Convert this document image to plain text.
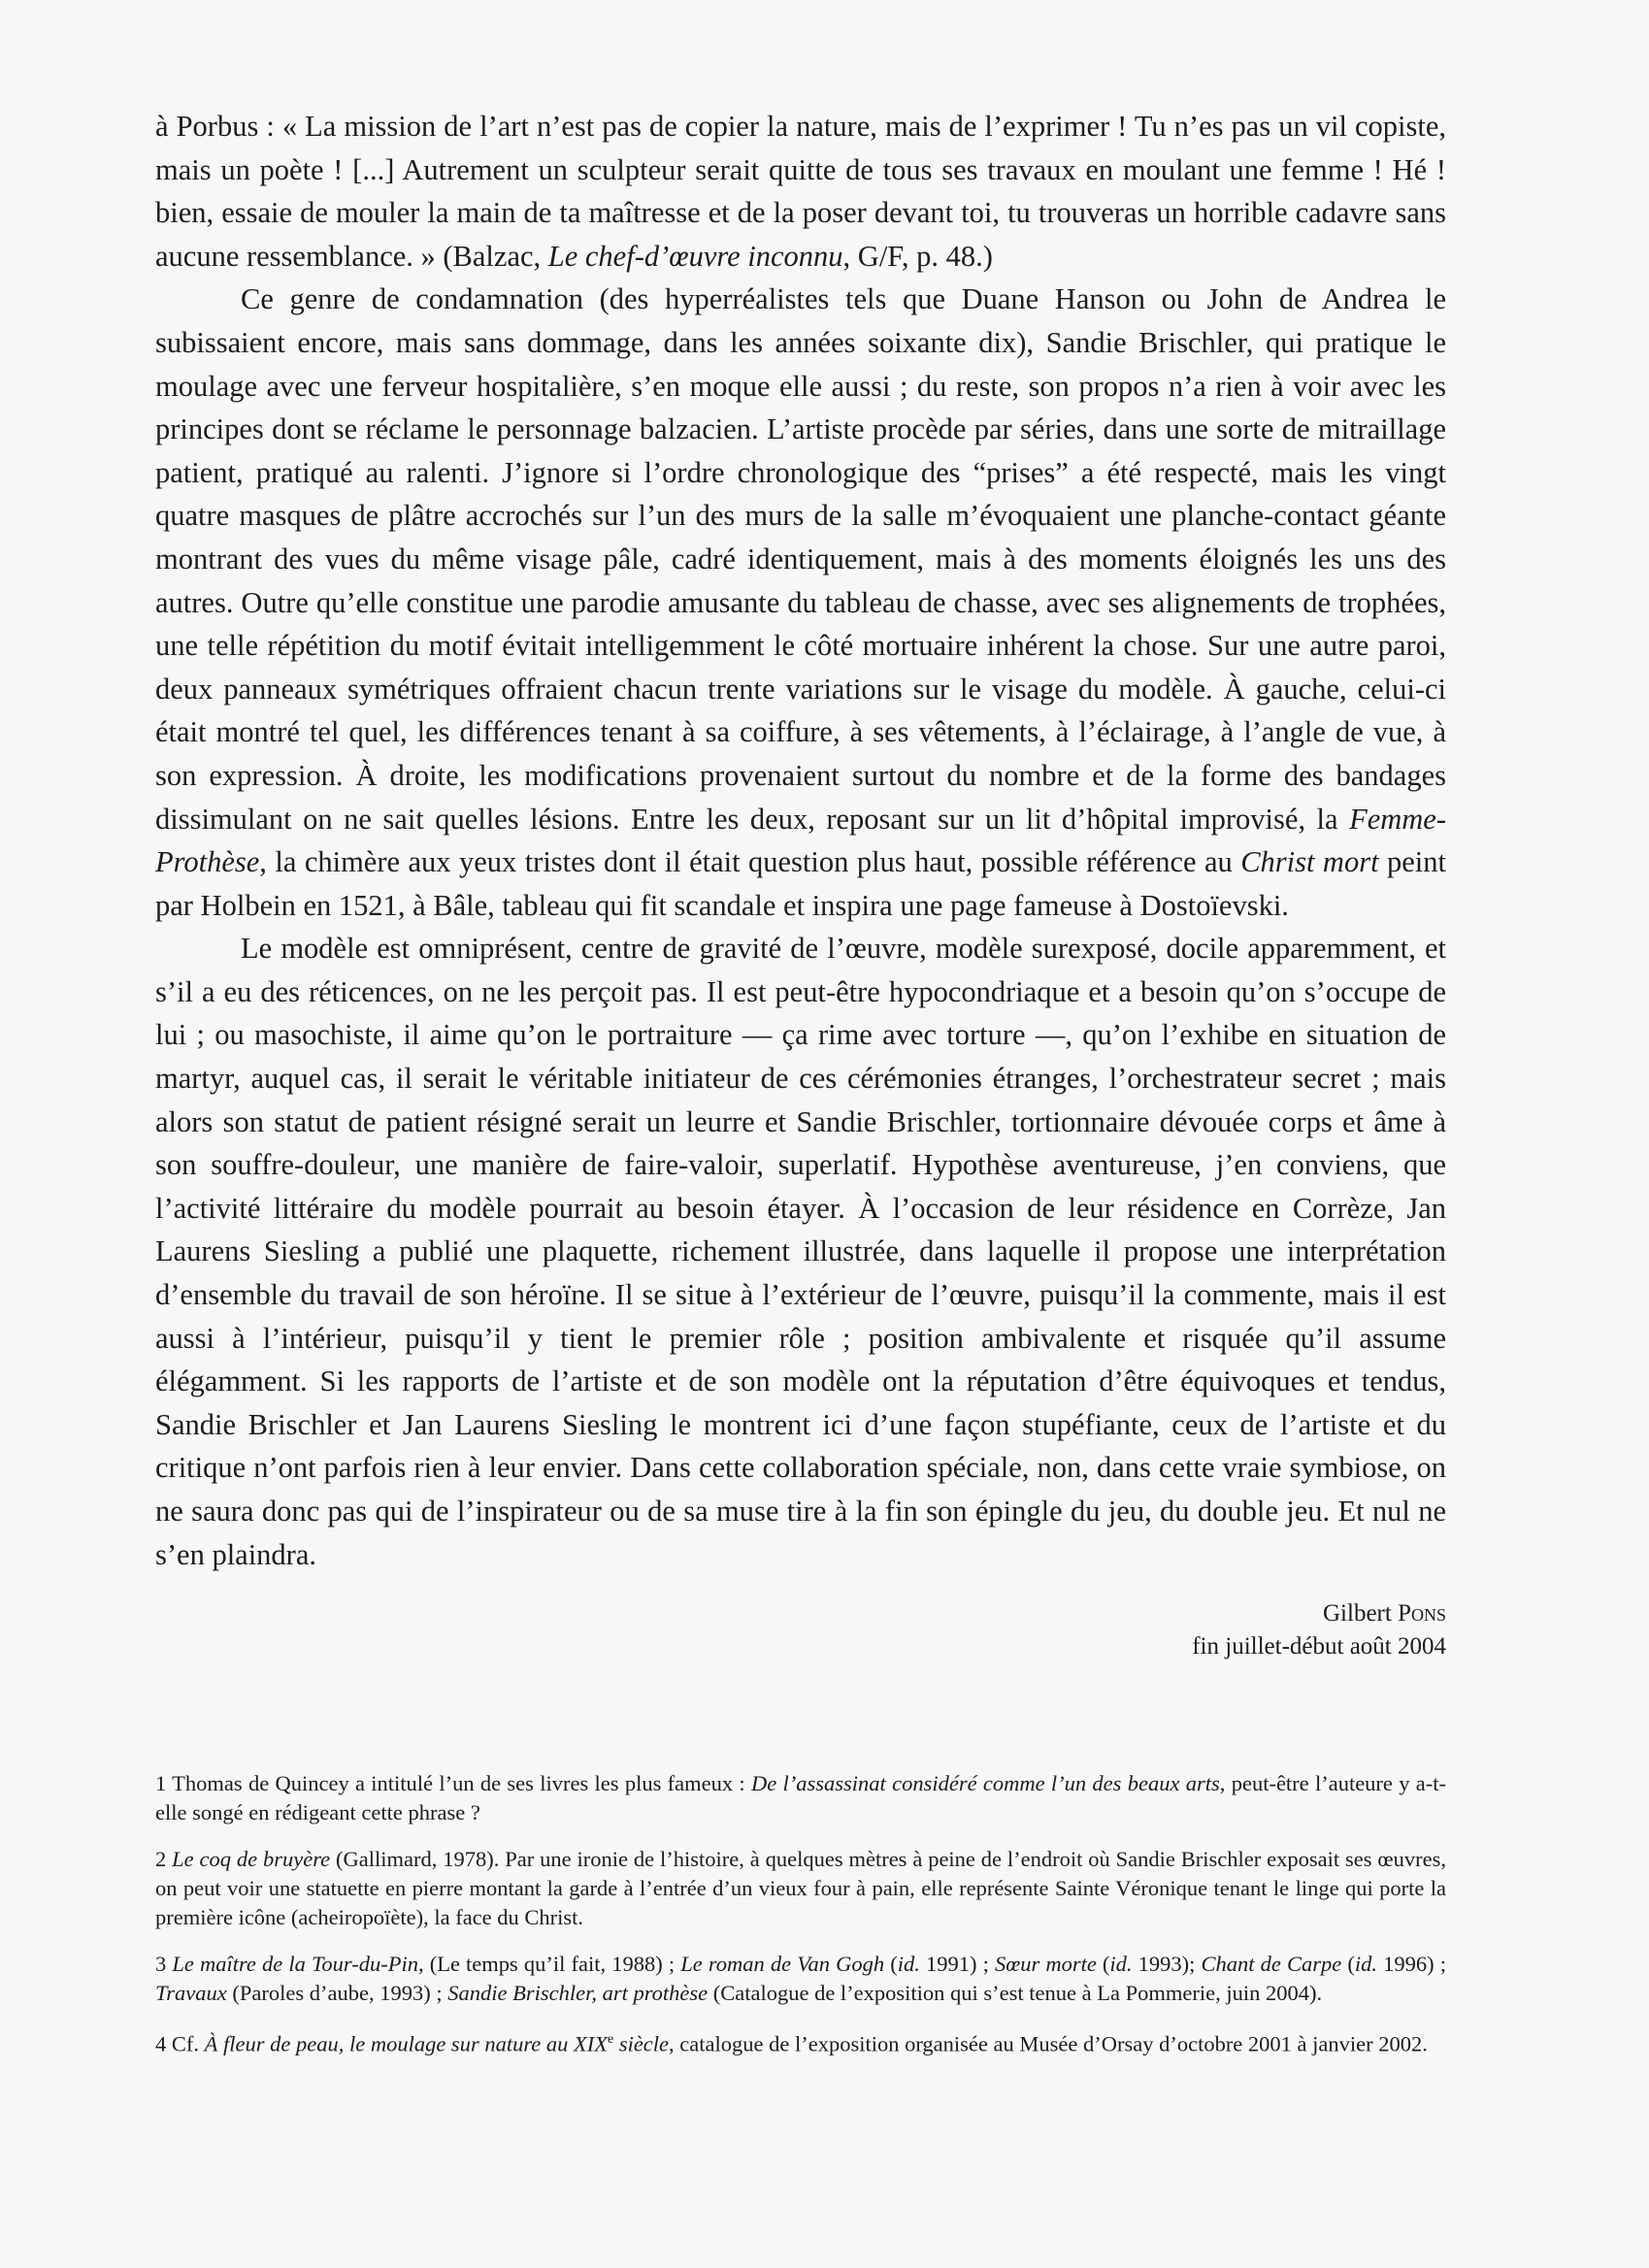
à Porbus : « La mission de l’art n’est pas de copier la nature, mais de l’exprimer ! Tu n’es pas un vil copiste, mais un poète ! [...] Autrement un sculpteur serait quitte de tous ses travaux en moulant une femme ! Hé ! bien, essaie de mouler la main de ta maîtresse et de la poser devant toi, tu trouveras un horrible cadavre sans aucune ressemblance. » (Balzac, Le chef-d’œuvre inconnu, G/F, p. 48.)

Ce genre de condamnation (des hyperréalistes tels que Duane Hanson ou John de Andrea le subissaient encore, mais sans dommage, dans les années soixante dix), Sandie Brischler, qui pratique le moulage avec une ferveur hospitalière, s’en moque elle aussi ; du reste, son propos n’a rien à voir avec les principes dont se réclame le personnage balzacien. L’artiste procède par séries, dans une sorte de mitraillage patient, pratiqué au ralenti. J’ignore si l’ordre chronologique des “prises” a été respecté, mais les vingt quatre masques de plâtre accrochés sur l’un des murs de la salle m’évoquaient une planche-contact géante montrant des vues du même visage pâle, cadré identiquement, mais à des moments éloignés les uns des autres. Outre qu’elle constitue une parodie amusante du tableau de chasse, avec ses alignements de trophées, une telle répétition du motif évitait intelligemment le côté mortuaire inhérent la chose. Sur une autre paroi, deux panneaux symétriques offraient chacun trente variations sur le visage du modèle. À gauche, celui-ci était montré tel quel, les différences tenant à sa coiffure, à ses vêtements, à l’éclairage, à l’angle de vue, à son expression. À droite, les modifications provenaient surtout du nombre et de la forme des bandages dissimulant on ne sait quelles lésions. Entre les deux, reposant sur un lit d’hôpital improvisé, la Femme-Prothèse, la chimère aux yeux tristes dont il était question plus haut, possible référence au Christ mort peint par Holbein en 1521, à Bâle, tableau qui fit scandale et inspira une page fameuse à Dostoïevski.

Le modèle est omniprésent, centre de gravité de l’œuvre, modèle surexposé, docile apparemment, et s’il a eu des réticences, on ne les perçoit pas. Il est peut-être hypocondriaque et a besoin qu’on s’occupe de lui ; ou masochiste, il aime qu’on le portraiture — ça rime avec torture —, qu’on l’exhibe en situation de martyr, auquel cas, il serait le véritable initiateur de ces cérémonies étranges, l’orchestrateur secret ; mais alors son statut de patient résigné serait un leurre et Sandie Brischler, tortionnaire dévouée corps et âme à son souffre-douleur, une manière de faire-valoir, superlatif. Hypothèse aventureuse, j’en conviens, que l’activité littéraire du modèle pourrait au besoin étayer. À l’occasion de leur résidence en Corrèze, Jan Laurens Siesling a publié une plaquette, richement illustrée, dans laquelle il propose une interprétation d’ensemble du travail de son héroïne. Il se situe à l’extérieur de l’œuvre, puisqu’il la commente, mais il est aussi à l’intérieur, puisqu’il y tient le premier rôle ; position ambivalente et risquée qu’il assume élégamment. Si les rapports de l’artiste et de son modèle ont la réputation d’être équivoques et tendus, Sandie Brischler et Jan Laurens Siesling le montrent ici d’une façon stupéfiante, ceux de l’artiste et du critique n’ont parfois rien à leur envier. Dans cette collaboration spéciale, non, dans cette vraie symbiose, on ne saura donc pas qui de l’inspirateur ou de sa muse tire à la fin son épingle du jeu, du double jeu. Et nul ne s’en plaindra.

Gilbert Pons
fin juillet-début août 2004

1 Thomas de Quincey a intitulé l’un de ses livres les plus fameux : De l’assassinat considéré comme l’un des beaux arts, peut-être l’auteure y a-t-elle songé en rédigeant cette phrase ?

2 Le coq de bruyère (Gallimard, 1978). Par une ironie de l’histoire, à quelques mètres à peine de l’endroit où Sandie Brischler exposait ses œuvres, on peut voir une statuette en pierre montant la garde à l’entrée d’un vieux four à pain, elle représente Sainte Véronique tenant le linge qui porte la première icône (acheiropoïète), la face du Christ.

3 Le maître de la Tour-du-Pin, (Le temps qu’il fait, 1988) ; Le roman de Van Gogh (id. 1991) ; Sœur morte (id. 1993); Chant de Carpe (id. 1996) ; Travaux (Paroles d’aube, 1993) ; Sandie Brischler, art prothèse (Catalogue de l’exposition qui s’est tenue à La Pommerie, juin 2004).

4 Cf. À fleur de peau, le moulage sur nature au XIXe siècle, catalogue de l’exposition organisée au Musée d’Orsay d’octobre 2001 à janvier 2002.
